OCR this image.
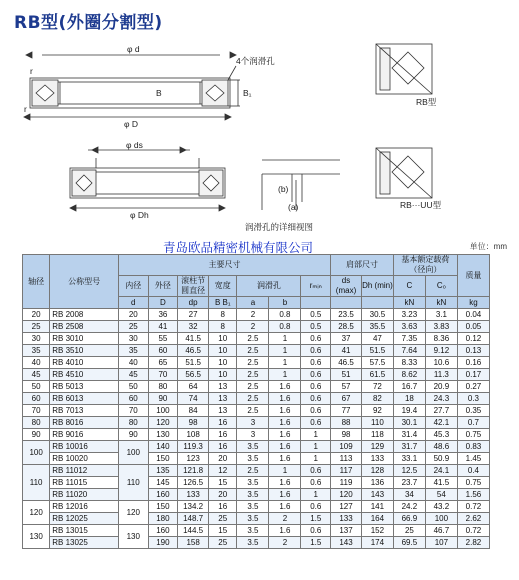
RB型(外圈分割型)
φ d
φ D
4个润滑孔
B	B₁
r
r
φ ds
φ Dh
(b)
(a)
润滑孔的详细视图
RB型
RB···UU型
青岛欧品精密机械有限公司	单位：mm
轴径	公称型号	主要尺寸							肩部尺寸		基本额定载荷（径向）		质量
		内径	外径	滚柱节圆直径	宽度	润滑孔		rₘᵢₙ	ds (max)	Dh (min)	C	C₀	
		d	D	dp	B B₁	a	b				kN	kN	kg
20	RB 2008	20	36	27	8	2	0.8	0.5	23.5	30.5	3.23	3.1	0.04
25	RB 2508	25	41	32	8	2	0.8	0.5	28.5	35.5	3.63	3.83	0.05
30	RB 3010	30	55	41.5	10	2.5	1	0.6	37	47	7.35	8.36	0.12
35	RB 3510	35	60	46.5	10	2.5	1	0.6	41	51.5	7.64	9.12	0.13
40	RB 4010	40	65	51.5	10	2.5	1	0.6	46.5	57.5	8.33	10.6	0.16
45	RB 4510	45	70	56.5	10	2.5	1	0.6	51	61.5	8.62	11.3	0.17
50	RB 5013	50	80	64	13	2.5	1.6	0.6	57	72	16.7	20.9	0.27
60	RB 6013	60	90	74	13	2.5	1.6	0.6	67	82	18	24.3	0.3
70	RB 7013	70	100	84	13	2.5	1.6	0.6	77	92	19.4	27.7	0.35
80	RB 8016	80	120	98	16	3	1.6	0.6	88	110	30.1	42.1	0.7
90	RB 9016	90	130	108	16	3	1.6	1	98	118	31.4	45.3	0.75
100	RB 10016	100	140	119.3	16	3.5	1.6	1	109	129	31.7	48.6	0.83
	RB 10020		150	123	20	3.5	1.6	1	113	133	33.1	50.9	1.45
110	RB 11012	110	135	121.8	12	2.5	1	0.6	117	128	12.5	24.1	0.4
	RB 11015		145	126.5	15	3.5	1.6	0.6	119	136	23.7	41.5	0.75
	RB 11020		160	133	20	3.5	1.6	1	120	143	34	54	1.56
120	RB 12016	120	150	134.2	16	3.5	1.6	0.6	127	141	24.2	43.2	0.72
	RB 12025		180	148.7	25	3.5	2	1.5	133	164	66.9	100	2.62
130	RB 13015	130	160	144.5	15	3.5	1.6	0.6	137	152	25	46.7	0.72
	RB 13025		190	158	25	3.5	2	1.5	143	174	69.5	107	2.82
